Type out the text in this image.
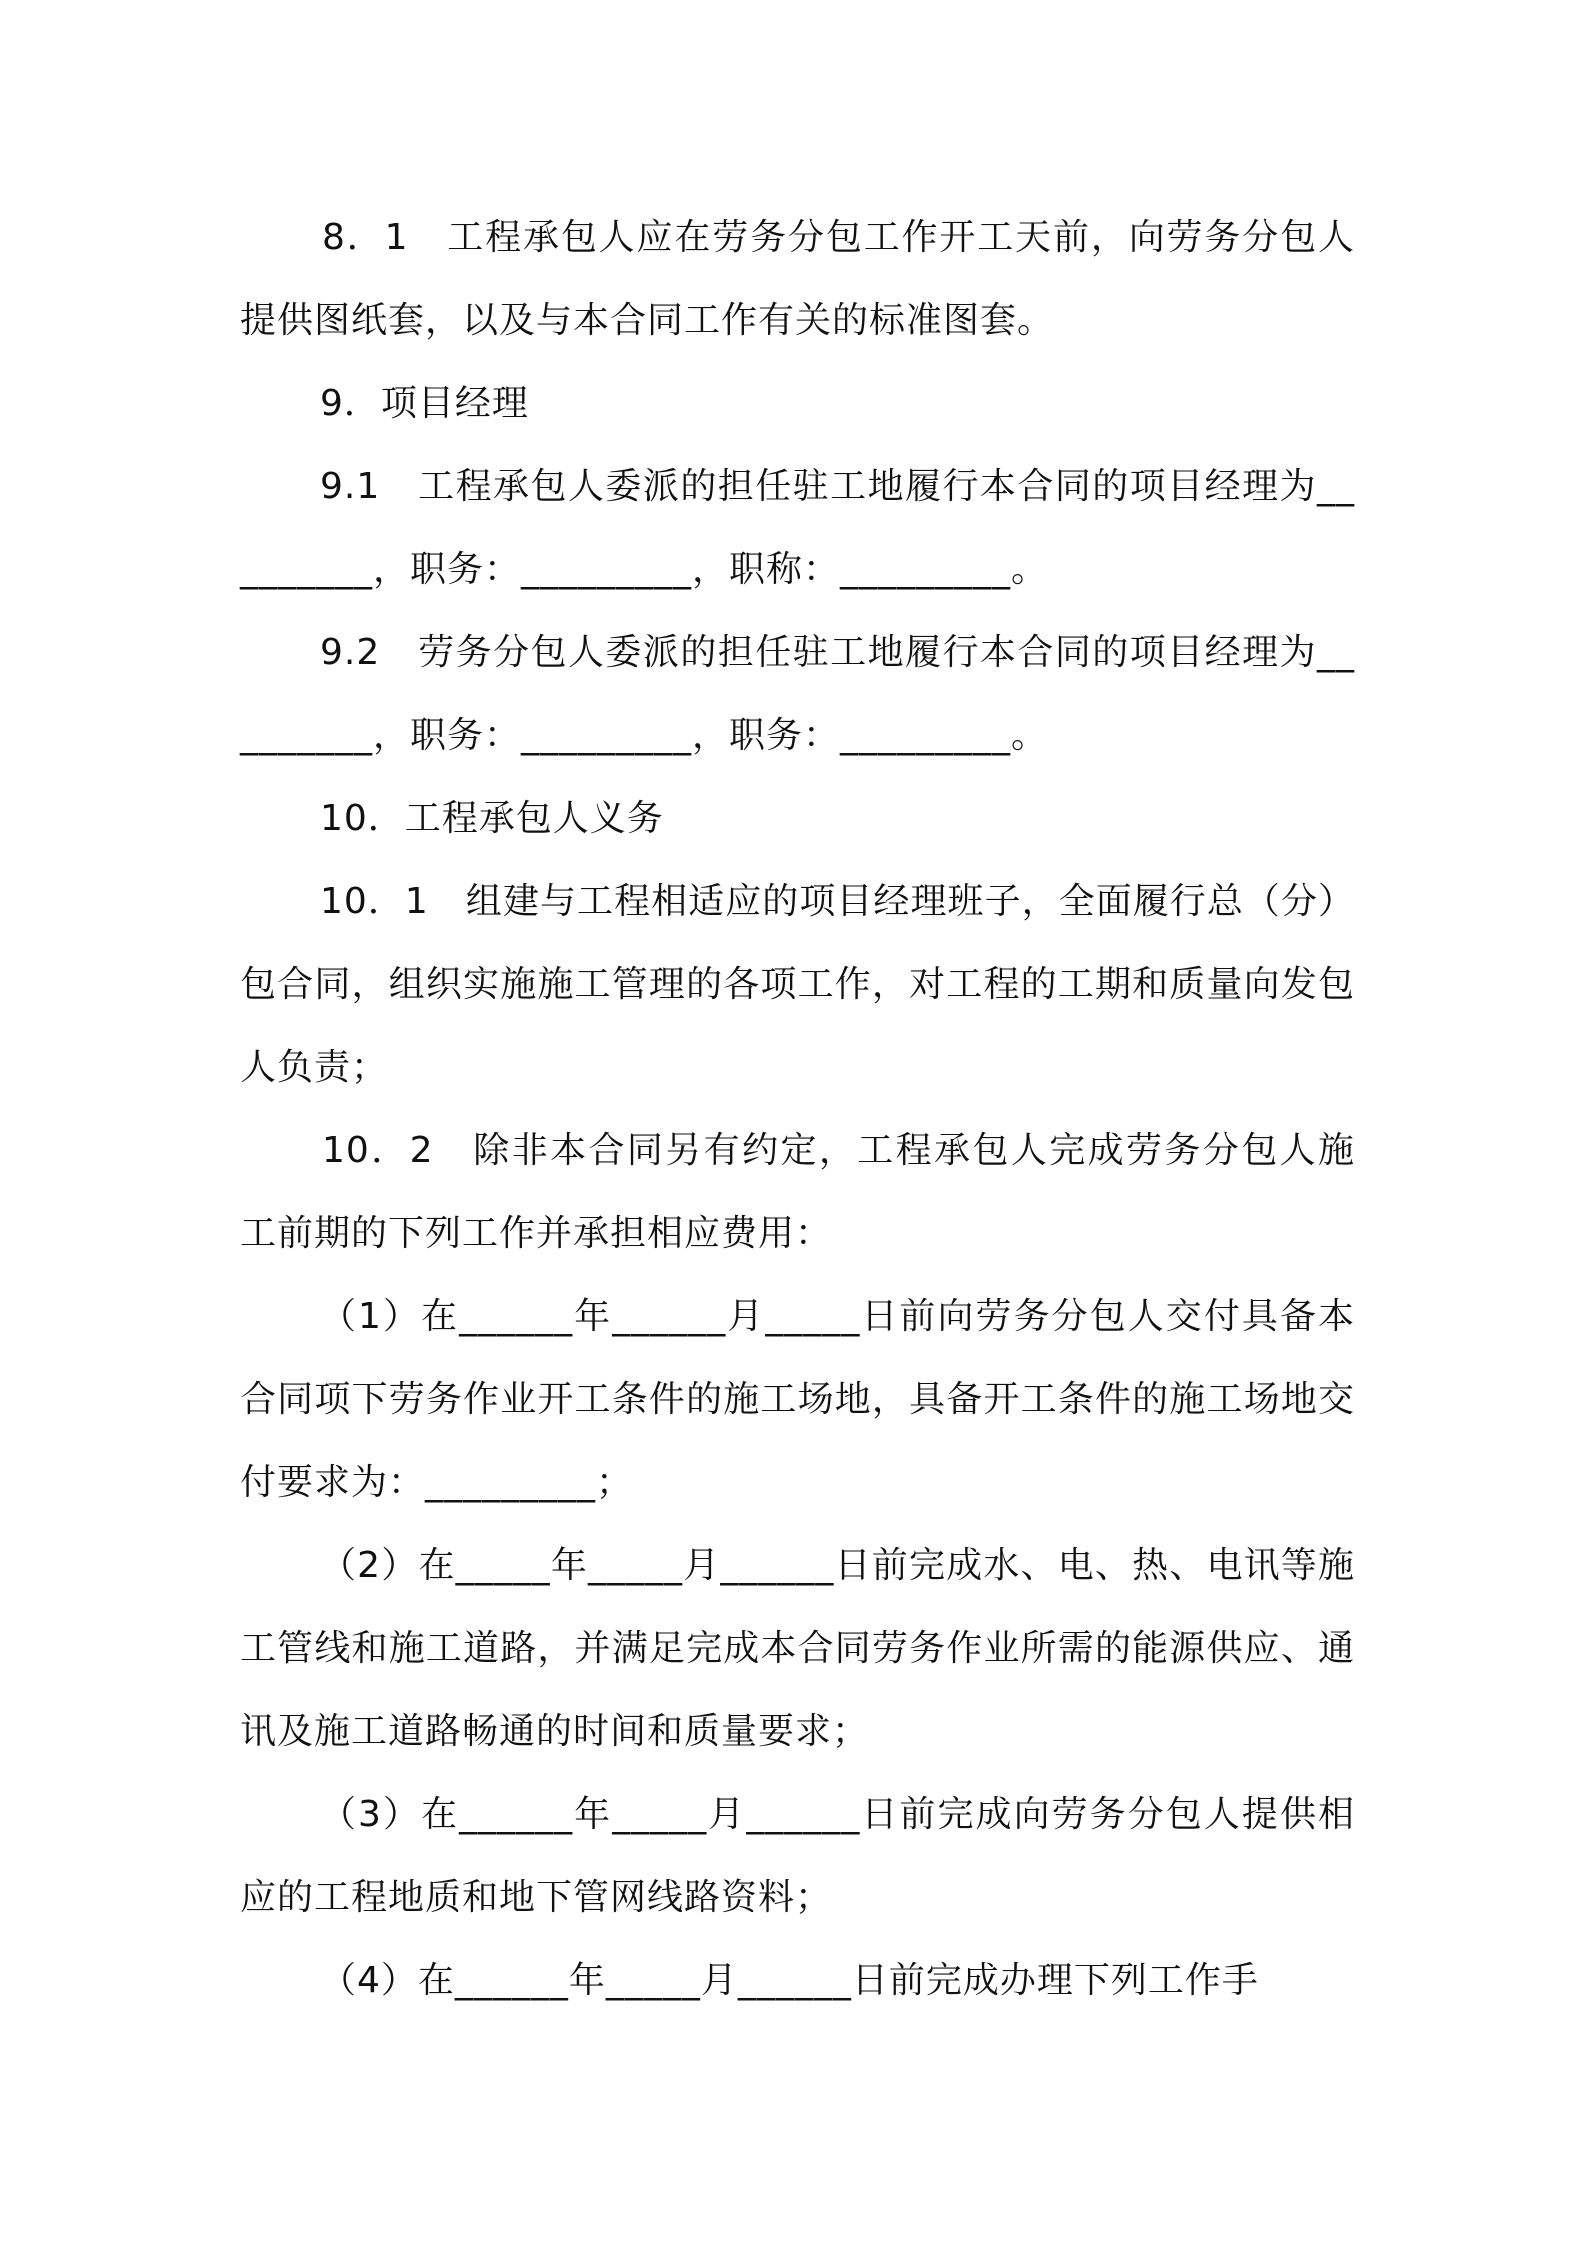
8．1　工程承包人应在劳务分包工作开工天前，向劳务分包人提供图纸套，以及与本合同工作有关的标准图套。

9．项目经理

9.1　工程承包人委派的担任驻工地履行本合同的项目经理为_________，职务：_________，职称：_________。

9.2　劳务分包人委派的担任驻工地履行本合同的项目经理为_________，职务：_________，职务：_________。

10．工程承包人义务

10．1　组建与工程相适应的项目经理班子，全面履行总（分）包合同，组织实施施工管理的各项工作，对工程的工期和质量向发包人负责；

10．2　除非本合同另有约定，工程承包人完成劳务分包人施工前期的下列工作并承担相应费用：

（1）在______年______月_____日前向劳务分包人交付具备本合同项下劳务作业开工条件的施工场地，具备开工条件的施工场地交付要求为：_________；

（2）在_____年_____月______日前完成水、电、热、电讯等施工管线和施工道路，并满足完成本合同劳务作业所需的能源供应、通讯及施工道路畅通的时间和质量要求；

（3）在______年_____月______日前完成向劳务分包人提供相应的工程地质和地下管网线路资料；

（4）在______年_____月______日前完成办理下列工作手
